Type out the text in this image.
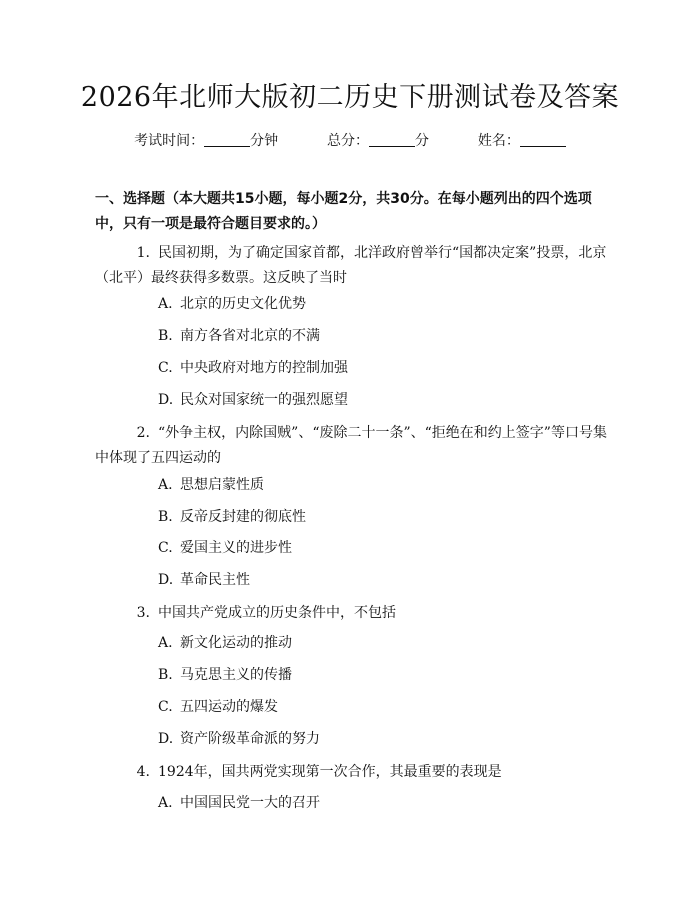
2026年北师大版初二历史下册测试卷及答案
考试时间：	分钟	总分：	分	姓名：
一、选择题（本大题共15小题，每小题2分，共30分。在每小题列出的四个选项中，只有一项是最符合题目要求的。）
1. 民国初期，为了确定国家首都，北洋政府曾举行“国都决定案”投票，北京（北平）最终获得多数票。这反映了当时
A. 北京的历史文化优势
B. 南方各省对北京的不满
C. 中央政府对地方的控制加强
D. 民众对国家统一的强烈愿望
2. “外争主权，内除国贼”、“废除二十一条”、“拒绝在和约上签字”等口号集中体现了五四运动的
A. 思想启蒙性质
B. 反帝反封建的彻底性
C. 爱国主义的进步性
D. 革命民主性
3. 中国共产党成立的历史条件中，不包括
A. 新文化运动的推动
B. 马克思主义的传播
C. 五四运动的爆发
D. 资产阶级革命派的努力
4. 1924年，国共两党实现第一次合作，其最重要的表现是
A. 中国国民党一大的召开
